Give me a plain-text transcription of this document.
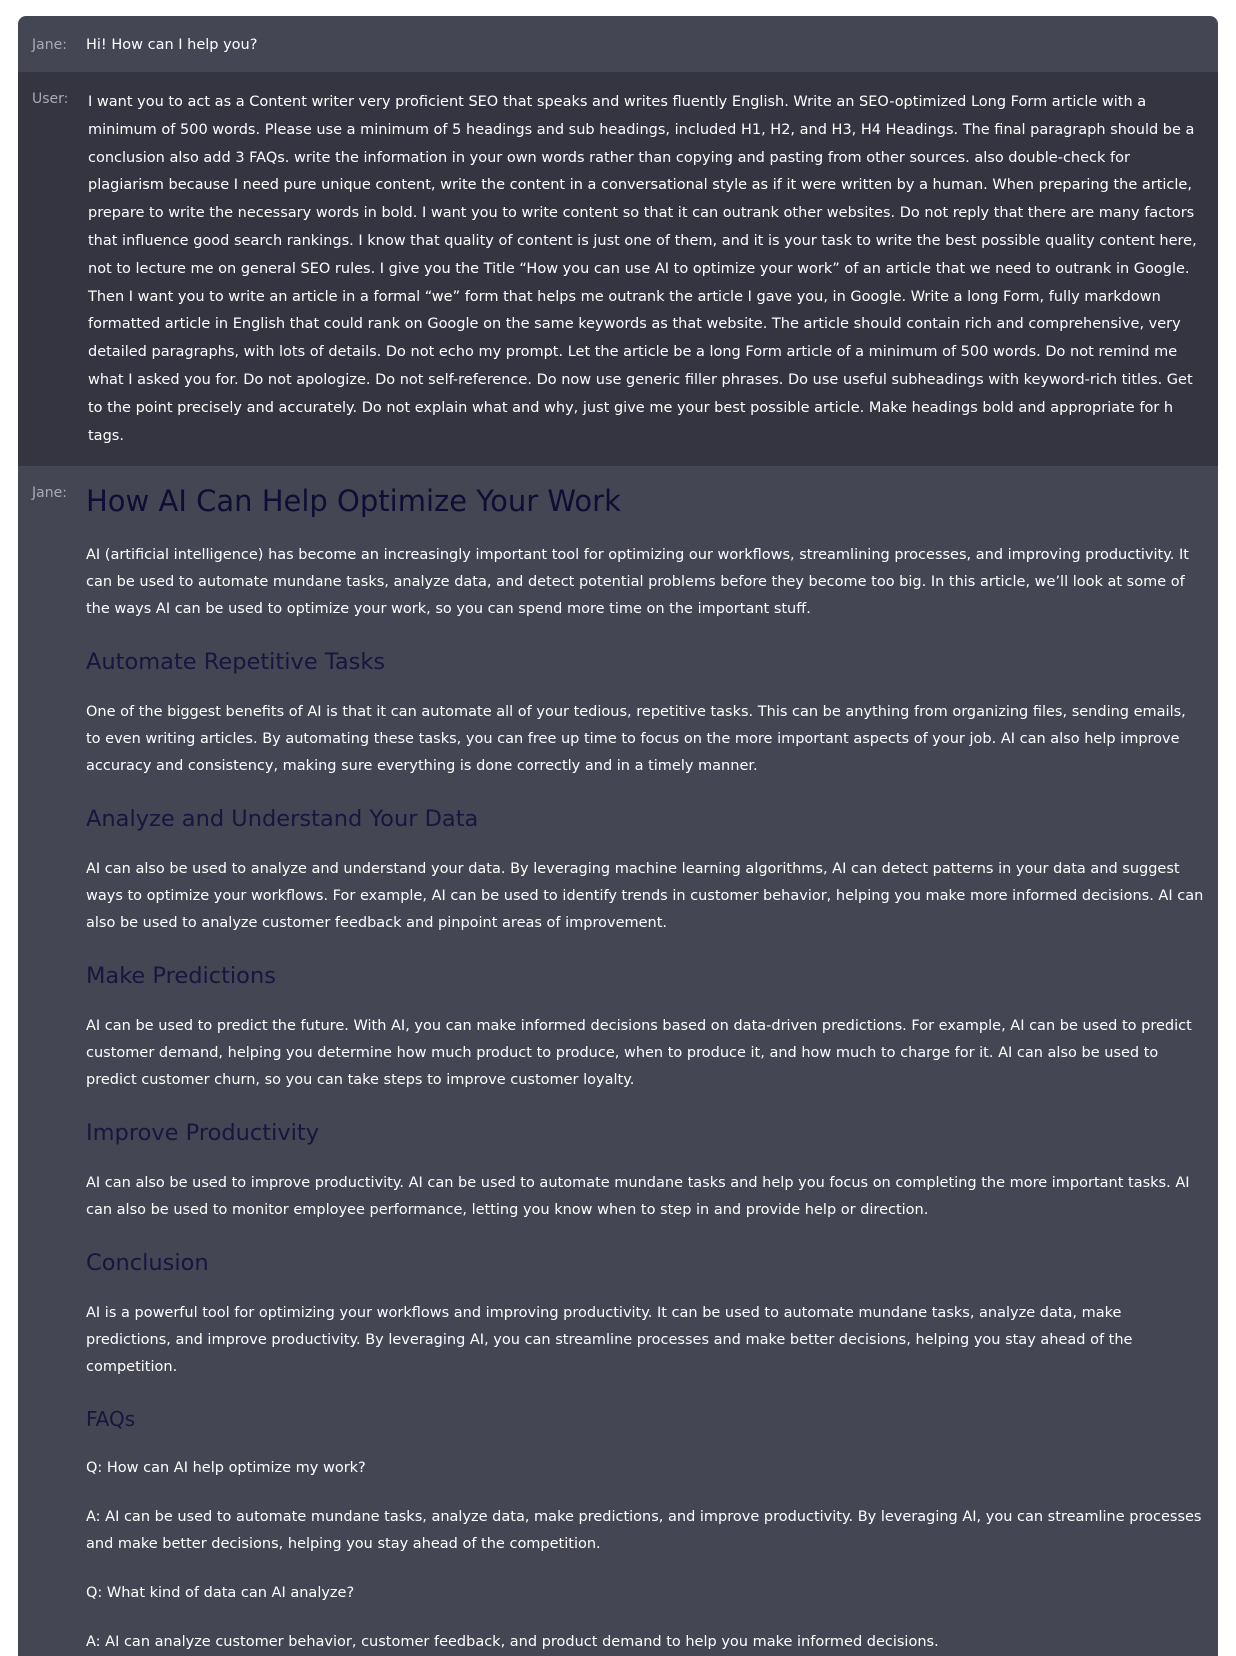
Jane:	Hi! How can I help you?
User:	I want you to act as a Content writer very proficient SEO that speaks and writes fluently English. Write an SEO-optimized Long Form article with a minimum of 500 words. Please use a minimum of 5 headings and sub headings, included H1, H2, and H3, H4 Headings. The final paragraph should be a conclusion also add 3 FAQs. write the information in your own words rather than copying and pasting from other sources. also double-check for plagiarism because I need pure unique content, write the content in a conversational style as if it were written by a human. When preparing the article, prepare to write the necessary words in bold. I want you to write content so that it can outrank other websites. Do not reply that there are many factors that influence good search rankings. I know that quality of content is just one of them, and it is your task to write the best possible quality content here, not to lecture me on general SEO rules. I give you the Title “How you can use AI to optimize your work” of an article that we need to outrank in Google. Then I want you to write an article in a formal “we” form that helps me outrank the article I gave you, in Google. Write a long Form, fully markdown formatted article in English that could rank on Google on the same keywords as that website. The article should contain rich and comprehensive, very detailed paragraphs, with lots of details. Do not echo my prompt. Let the article be a long Form article of a minimum of 500 words. Do not remind me what I asked you for. Do not apologize. Do not self-reference. Do now use generic filler phrases. Do use useful subheadings with keyword-rich titles. Get to the point precisely and accurately. Do not explain what and why, just give me your best possible article. Make headings bold and appropriate for h tags.

Jane: How AI Can Help Optimize Your Work

AI (artificial intelligence) has become an increasingly important tool for optimizing our workflows, streamlining processes, and improving productivity. It can be used to automate mundane tasks, analyze data, and detect potential problems before they become too big. In this article, we’ll look at some of the ways AI can be used to optimize your work, so you can spend more time on the important stuff.

Automate Repetitive Tasks

One of the biggest benefits of AI is that it can automate all of your tedious, repetitive tasks. This can be anything from organizing files, sending emails, to even writing articles. By automating these tasks, you can free up time to focus on the more important aspects of your job. AI can also help improve accuracy and consistency, making sure everything is done correctly and in a timely manner.

Analyze and Understand Your Data

AI can also be used to analyze and understand your data. By leveraging machine learning algorithms, AI can detect patterns in your data and suggest ways to optimize your workflows. For example, AI can be used to identify trends in customer behavior, helping you make more informed decisions. AI can also be used to analyze customer feedback and pinpoint areas of improvement.

Make Predictions

AI can be used to predict the future. With AI, you can make informed decisions based on data-driven predictions. For example, AI can be used to predict customer demand, helping you determine how much product to produce, when to produce it, and how much to charge for it. AI can also be used to predict customer churn, so you can take steps to improve customer loyalty.

Improve Productivity

AI can also be used to improve productivity. AI can be used to automate mundane tasks and help you focus on completing the more important tasks. AI can also be used to monitor employee performance, letting you know when to step in and provide help or direction.

Conclusion

AI is a powerful tool for optimizing your workflows and improving productivity. It can be used to automate mundane tasks, analyze data, make predictions, and improve productivity. By leveraging AI, you can streamline processes and make better decisions, helping you stay ahead of the competition.

FAQs

Q: How can AI help optimize my work?

A: AI can be used to automate mundane tasks, analyze data, make predictions, and improve productivity. By leveraging AI, you can streamline processes and make better decisions, helping you stay ahead of the competition.

Q: What kind of data can AI analyze?

A: AI can analyze customer behavior, customer feedback, and product demand to help you make informed decisions.
